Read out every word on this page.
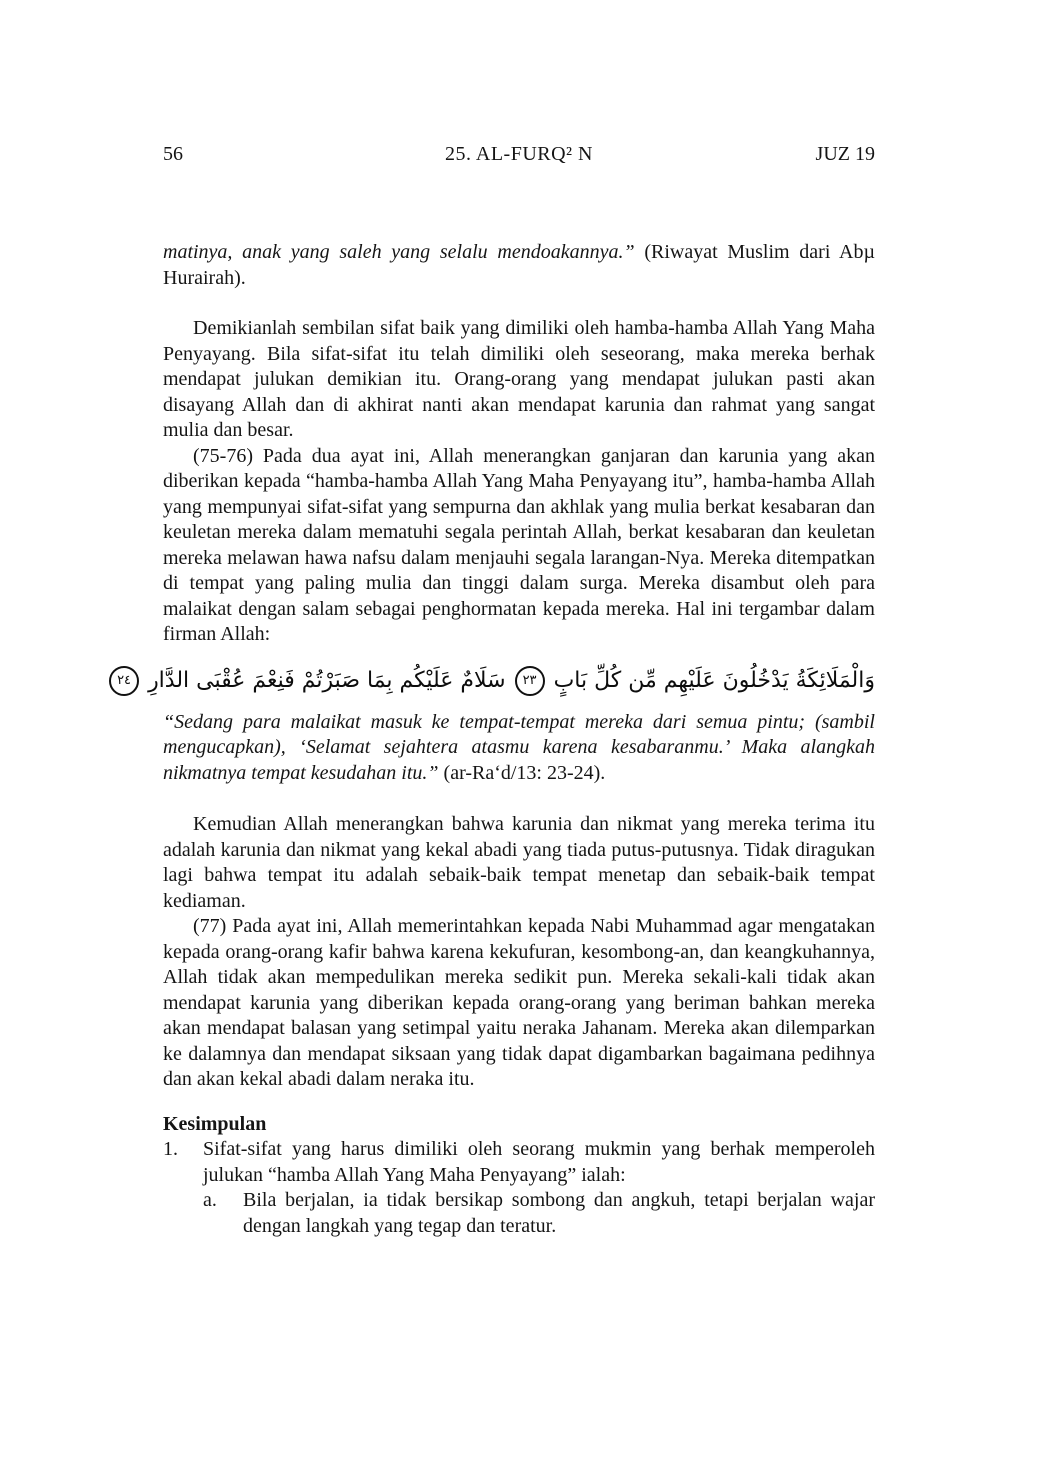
56	25. AL-FURQ² N	JUZ 19

matinya, anak yang saleh yang selalu mendoakannya.” (Riwayat Muslim dari Abµ Hurairah).

Demikianlah sembilan sifat baik yang dimiliki oleh hamba-hamba Allah Yang Maha Penyayang. Bila sifat-sifat itu telah dimiliki oleh seseorang, maka mereka berhak mendapat julukan demikian itu. Orang-orang yang mendapat julukan pasti akan disayang Allah dan di akhirat nanti akan mendapat karunia dan rahmat yang sangat mulia dan besar.

(75-76) Pada dua ayat ini, Allah menerangkan ganjaran dan karunia yang akan diberikan kepada “hamba-hamba Allah Yang Maha Penyayang itu”, hamba-hamba Allah yang mempunyai sifat-sifat yang sempurna dan akhlak yang mulia berkat kesabaran dan keuletan mereka dalam mematuhi segala perintah Allah, berkat kesabaran dan keuletan mereka melawan hawa nafsu dalam menjauhi segala larangan-Nya. Mereka ditempatkan di tempat yang paling mulia dan tinggi dalam surga. Mereka disambut oleh para malaikat dengan salam sebagai penghormatan kepada mereka. Hal ini tergambar dalam firman Allah:

وَالْمَلَائِكَةُ يَدْخُلُونَ عَلَيْهِم مِّن كُلِّ بَابٍ٢٣سَلَامٌ عَلَيْكُم بِمَا صَبَرْتُمْ فَنِعْمَ عُقْبَى الدَّارِ٢٤

“Sedang para malaikat masuk ke tempat-tempat mereka dari semua pintu; (sambil mengucapkan), ‘Selamat sejahtera atasmu karena kesabaranmu.’ Maka alangkah nikmatnya tempat kesudahan itu.” (ar-Ra‘d/13: 23-24).

Kemudian Allah menerangkan bahwa karunia dan nikmat yang mereka terima itu adalah karunia dan nikmat yang kekal abadi yang tiada putus-putusnya. Tidak diragukan lagi bahwa tempat itu adalah sebaik-baik tempat menetap dan sebaik-baik tempat kediaman.

(77) Pada ayat ini, Allah memerintahkan kepada Nabi Muhammad agar mengatakan kepada orang-orang kafir bahwa karena kekufuran, kesombong-an, dan keangkuhannya, Allah tidak akan mempedulikan mereka sedikit pun. Mereka sekali-kali tidak akan mendapat karunia yang diberikan kepada orang-orang yang beriman bahkan mereka akan mendapat balasan yang setimpal yaitu neraka Jahanam. Mereka akan dilemparkan ke dalamnya dan mendapat siksaan yang tidak dapat digambarkan bagaimana pedihnya dan akan kekal abadi dalam neraka itu.

Kesimpulan
1.	Sifat-sifat yang harus dimiliki oleh seorang mukmin yang berhak memperoleh julukan “hamba Allah Yang Maha Penyayang” ialah:
a.	Bila berjalan, ia tidak bersikap sombong dan angkuh, tetapi berjalan wajar dengan langkah yang tegap dan teratur.
